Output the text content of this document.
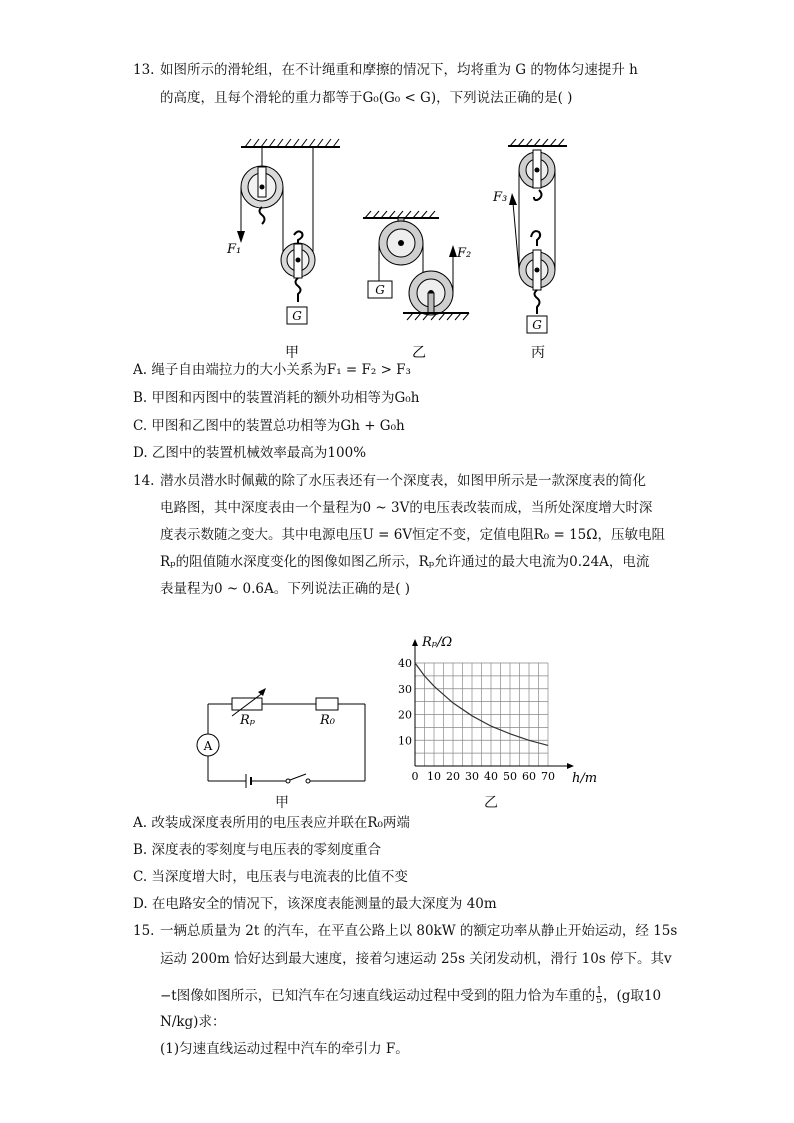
13. 如图所示的滑轮组，在不计绳重和摩擦的情况下，均将重为 G 的物体匀速提升 h
的高度，且每个滑轮的重力都等于G₀(G₀ < G)，下列说法正确的是( )
G
F₁
甲
G
F₂
乙
G
F₃
丙
A. 绳子自由端拉力的大小关系为F₁ = F₂ > F₃
B. 甲图和丙图中的装置消耗的额外功相等为G₀h
C. 甲图和乙图中的装置总功相等为Gh + G₀h
D. 乙图中的装置机械效率最高为100%
14. 潜水员潜水时佩戴的除了水压表还有一个深度表，如图甲所示是一款深度表的简化
电路图，其中深度表由一个量程为0 ~ 3V的电压表改装而成，当所处深度增大时深
度表示数随之变大。其中电源电压U = 6V恒定不变，定值电阻R₀ = 15Ω，压敏电阻
Rₚ的阻值随水深度变化的图像如图乙所示，Rₚ允许通过的最大电流为0.24A，电流
表量程为0 ~ 0.6A。下列说法正确的是( )
A
Rₚ	R₀
甲
0 10 20 30 40 50 60 70
10
20
30
40
Rₚ/Ω
h/m
乙
A. 改装成深度表所用的电压表应并联在R₀两端
B. 深度表的零刻度与电压表的零刻度重合
C. 当深度增大时，电压表与电流表的比值不变
D. 在电路安全的情况下，该深度表能测量的最大深度为 40m
15. 一辆总质量为 2t 的汽车，在平直公路上以 80kW 的额定功率从静止开始运动，经 15s
运动 200m 恰好达到最大速度，接着匀速运动 25s 关闭发动机，滑行 10s 停下。其v
−t图像如图所示，已知汽车在匀速直线运动过程中受到的阻力恰为车重的 $\frac{1}{5}$ ，(g取10
N/kg)求：
(1)匀速直线运动过程中汽车的牵引力 F。
